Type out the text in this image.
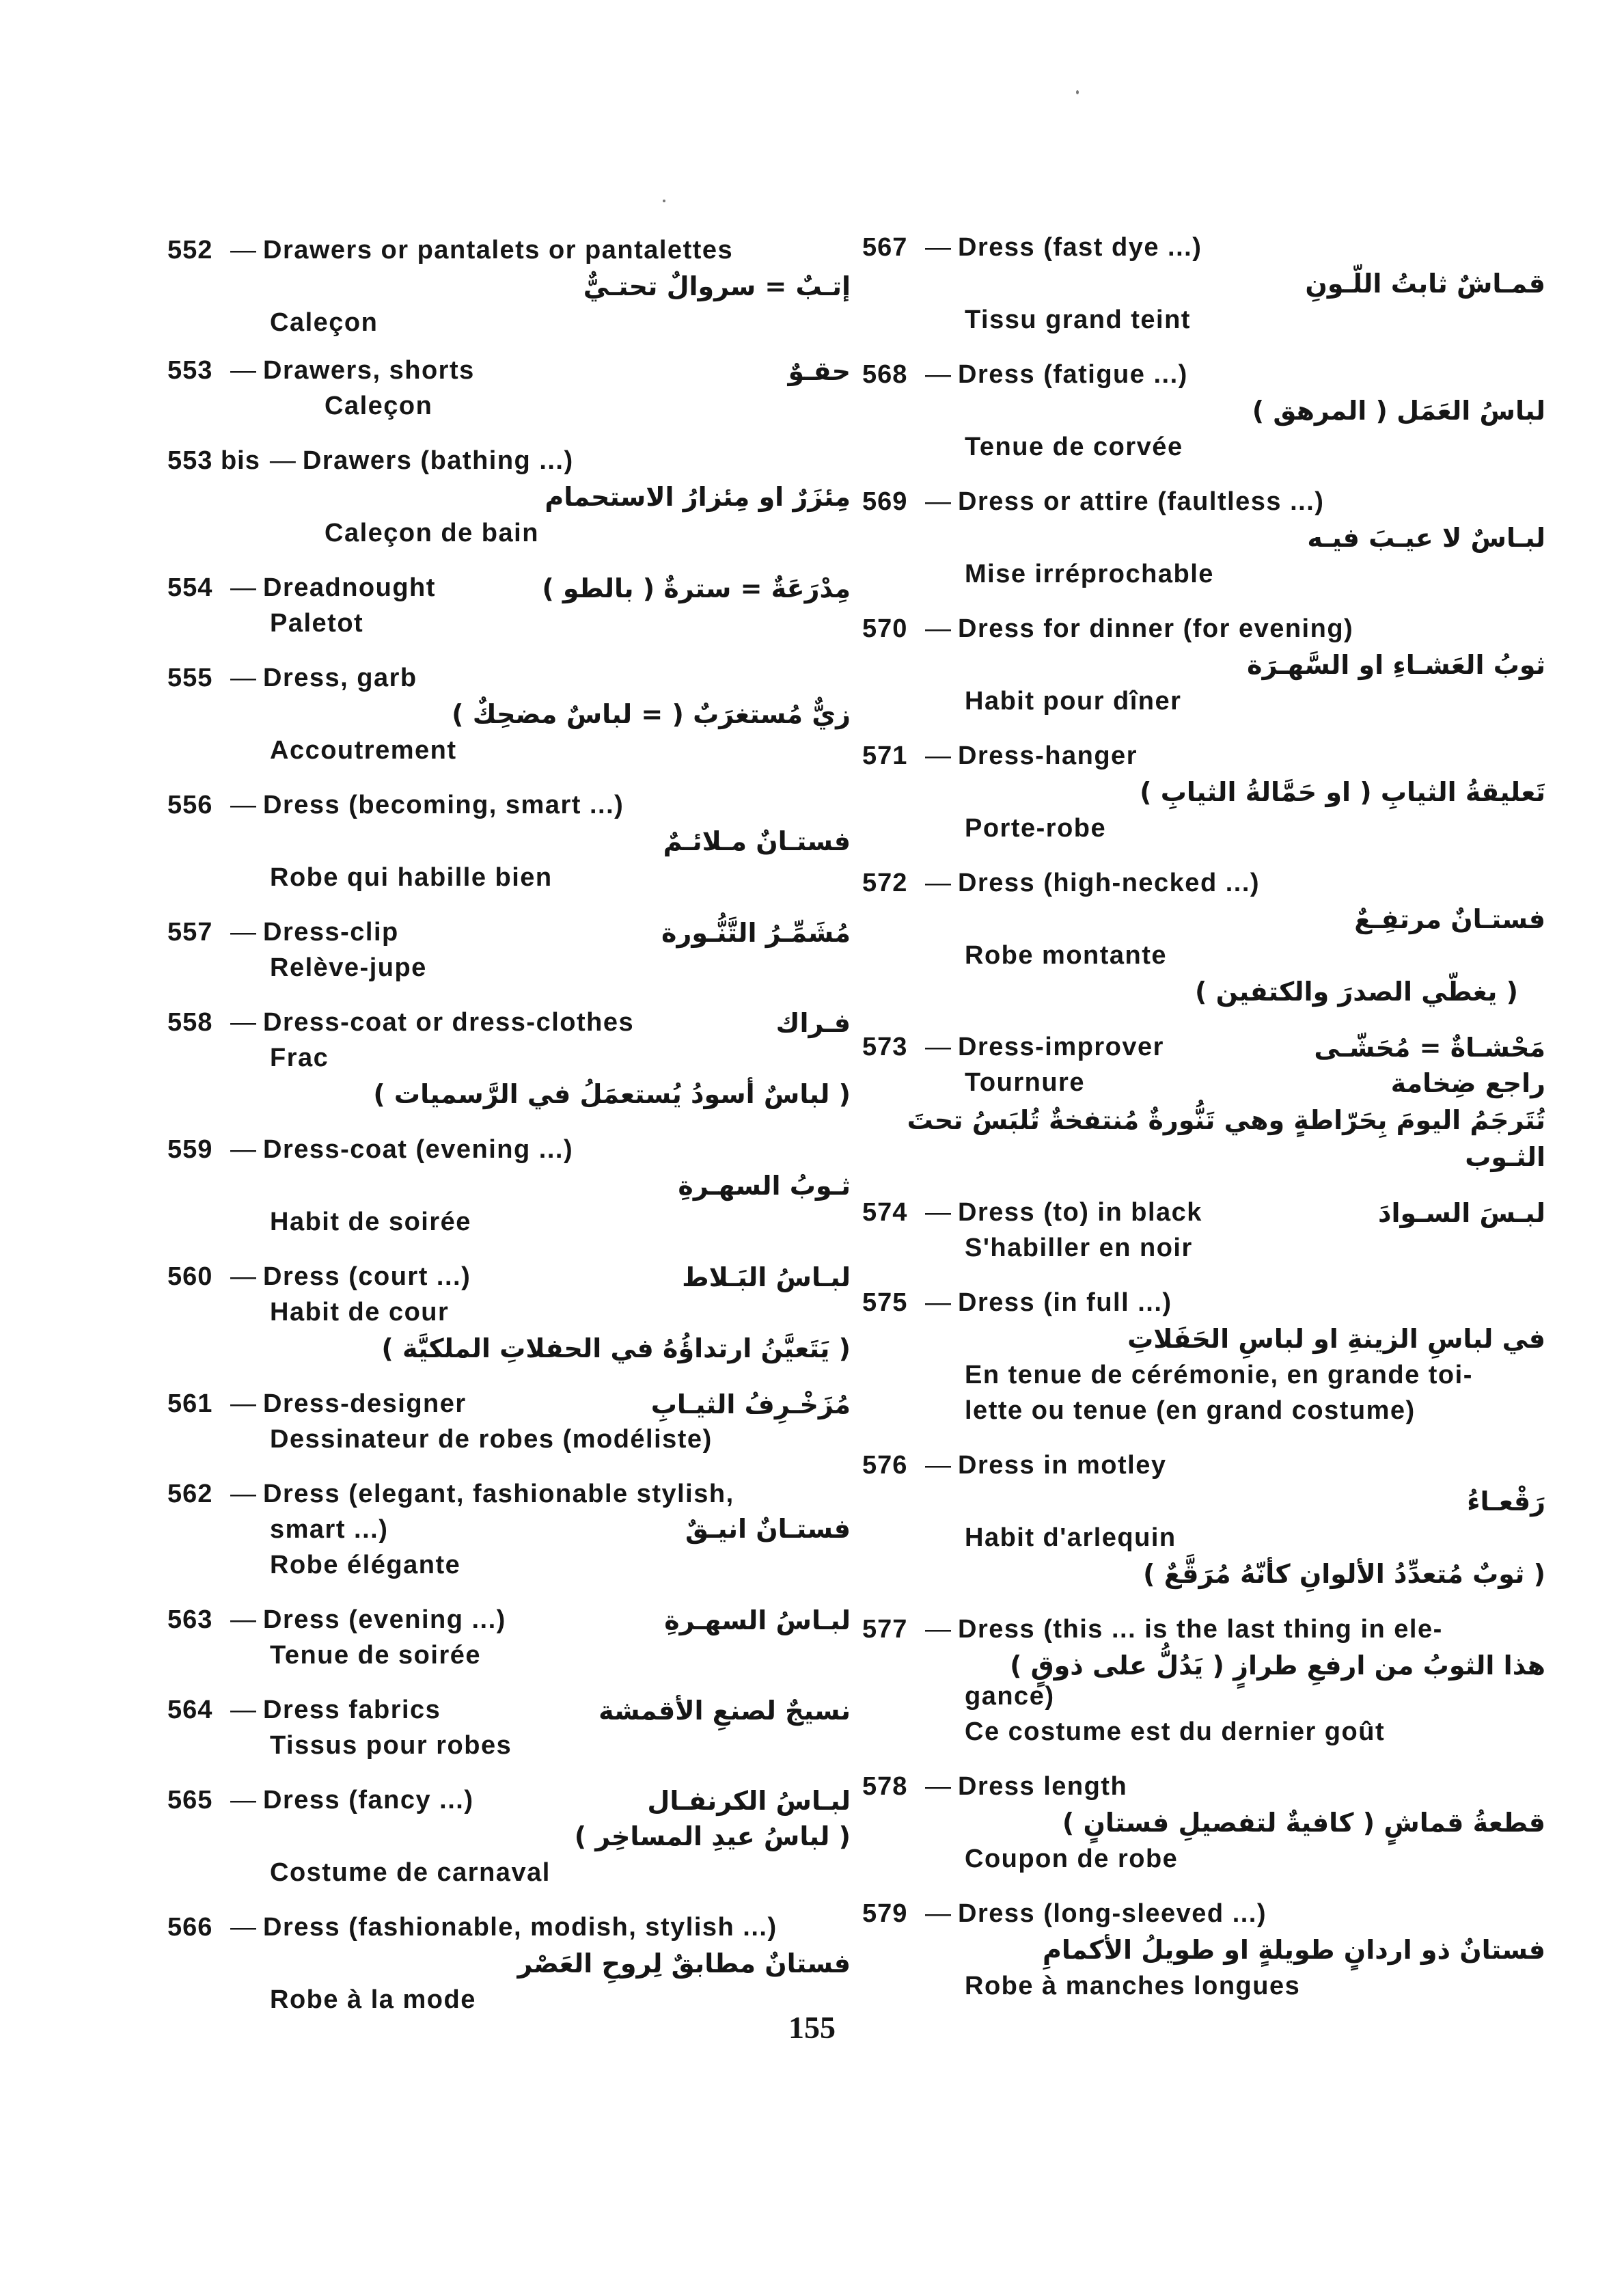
552 — Drawers or pantalets or pantalettes
إتـبٌ = سروالٌ تحتـيٌّ
Caleçon
553 — Drawers, shorts	حقـوٌ
Caleçon
553 bis — Drawers (bathing ...)
مِئزَرٌ او مِئزارُ الاستحمام
Caleçon de bain
554 — Dreadnought	مِدْرَعَةٌ = سترةٌ ( بالطو )
Paletot
555 — Dress, garb
زيٌّ مُستغرَبٌ ( = لباسٌ مضحِكٌ )
Accoutrement
556 — Dress (becoming, smart ...)
فستـانٌ مـلائـمٌ
Robe qui habille bien
557 — Dress-clip	مُشَمِّـرُ التَّنُّـورة
Relève-jupe
558 — Dress-coat or dress-clothes	فـراك
Frac
( لباسٌ أسودُ يُستعمَلُ في الرَّسميات )
559 — Dress-coat (evening ...)
ثـوبُ السهـرةِ
Habit de soirée
560 — Dress (court ...)	لبـاسُ البَـلاط
Habit de cour
( يَتَعيَّنُ ارتداؤُهُ في الحفلاتِ الملكيَّة )
561 — Dress-designer	مُزَخْـرِفُ الثيـابِ
Dessinateur de robes (modéliste)
562 — Dress (elegant, fashionable stylish,
smart ...)	فستـانٌ انيـقٌ
Robe élégante
563 — Dress (evening ...)	لبـاسُ السهـرةِ
Tenue de soirée
564 — Dress fabrics	نسيجٌ لصنعِ الأقمشة
Tissus pour robes
565 — Dress (fancy ...)	لبـاسُ الكرنفـال
( لباسُ عيدِ المساخِر )
Costume de carnaval
566 — Dress (fashionable, modish, stylish ...)
فستانٌ مطابقٌ لِروحِ العَصْر
Robe à la mode
567 — Dress (fast dye ...)
قمـاشٌ ثابتُ اللّـونِ
Tissu grand teint
568 — Dress (fatigue ...)
لباسُ العَمَل ( المرهق )
Tenue de corvée
569 — Dress or attire (faultless ...)
لبـاسٌ لا عيـبَ فيـه
Mise irréprochable
570 — Dress for dinner (for evening)
ثوبُ العَشـاءِ او السَّهـرَة
Habit pour dîner
571 — Dress-hanger
تَعليقةُ الثيابِ ( او حَمَّالةُ الثيابِ )
Porte-robe
572 — Dress (high-necked ...)
فستـانٌ مرتفِـعٌ
Robe montante
( يغطّي الصدرَ والكتفين )
573 — Dress-improver	مَحْشـاةٌ = مُحَشّـى
Tournure	راجع ضِخامة
تُتَرجَمُ اليومَ بِحَرّاطةٍ وهي تَنُّورةٌ مُنتفخةٌ تُلبَسُ تحتَ الثـوب
574 — Dress (to) in black	لبـسَ السـوادَ
S'habiller en noir
575 — Dress (in full ...)
في لباسِ الزينةِ او لباسِ الحَفَلاتِ
En tenue de cérémonie, en grande toi-
lette ou tenue (en grand costume)
576 — Dress in motley
رَقْعـاءُ
Habit d'arlequin
( ثوبٌ مُتعدِّدُ الألوانِ كأنّهُ مُرَقَّعٌ )
577 — Dress (this ... is the last thing in ele-
هذا الثوبُ من ارفعِ طرازٍ ( يَدُلُّ على ذوقٍ )
gance)
Ce costume est du dernier goût
578 — Dress length
قطعةُ قماشٍ ( كافيةٌ لتفصيلِ فستانٍ )
Coupon de robe
579 — Dress (long-sleeved ...)
فستانٌ ذو اردانٍ طويلةٍ او طويلُ الأكمامِ
Robe à manches longues
155
